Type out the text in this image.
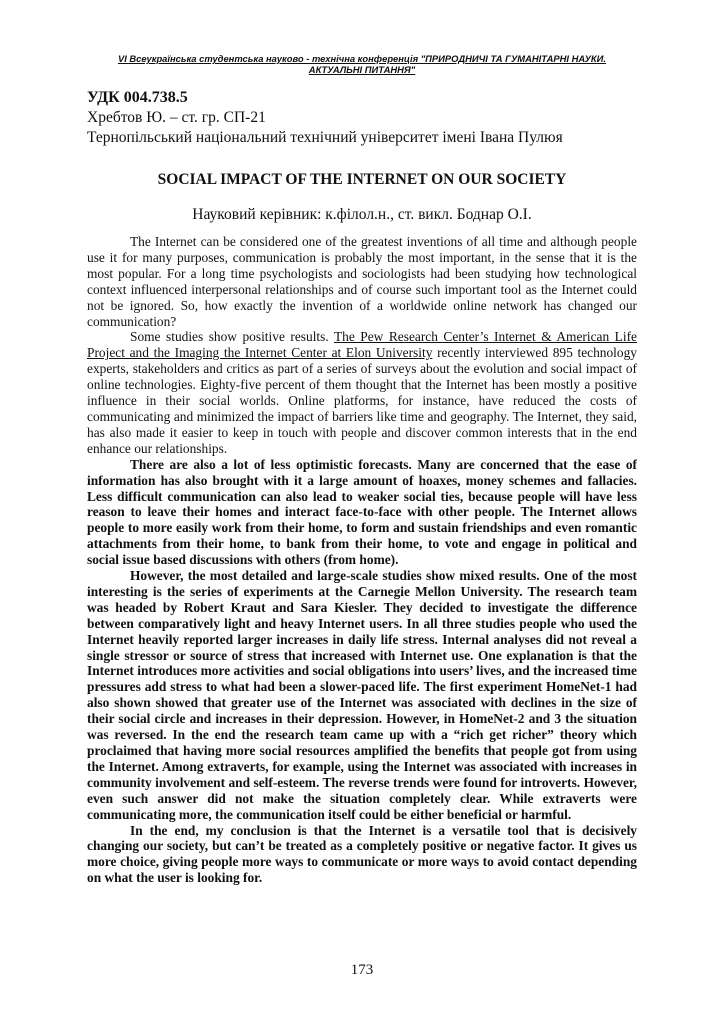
VI Всеукраїнська студентська науково - технічна конференція "ПРИРОДНИЧІ ТА ГУМАНІТАРНІ НАУКИ.
АКТУАЛЬНІ ПИТАННЯ"
УДК 004.738.5
Хребтов Ю. – ст. гр. СП-21
Тернопільський національний технічний університет імені Івана Пулюя
SOCIAL IMPACT OF THE INTERNET ON OUR SOCIETY
Науковий керівник: к.філол.н., ст. викл. Боднар О.І.

The Internet can be considered one of the greatest inventions of all time and although people use it for many purposes, communication is probably the most important, in the sense that it is the most popular. For a long time psychologists and sociologists had been studying how technological context influenced interpersonal relationships and of course such important tool as the Internet could not be ignored. So, how exactly the invention of a worldwide online network has changed our communication?

Some studies show positive results. The Pew Research Center’s Internet & American Life Project and the Imaging the Internet Center at Elon University recently interviewed 895 technology experts, stakeholders and critics as part of a series of surveys about the evolution and social impact of online technologies. Eighty-five percent of them thought that the Internet has been mostly a positive influence in their social worlds. Online platforms, for instance, have reduced the costs of communicating and minimized the impact of barriers like time and geography. The Internet, they said, has also made it easier to keep in touch with people and discover common interests that in the end enhance our relationships.

There are also a lot of less optimistic forecasts. Many are concerned that the ease of information has also brought with it a large amount of hoaxes, money schemes and fallacies. Less difficult communication can also lead to weaker social ties, because people will have less reason to leave their homes and interact face-to-face with other people. The Internet allows people to more easily work from their home, to form and sustain friendships and even romantic attachments from their home, to bank from their home, to vote and engage in political and social issue based discussions with others (from home).

However, the most detailed and large-scale studies show mixed results. One of the most interesting is the series of experiments at the Carnegie Mellon University. The research team was headed by Robert Kraut and Sara Kiesler. They decided to investigate the difference between comparatively light and heavy Internet users. In all three studies people who used the Internet heavily reported larger increases in daily life stress. Internal analyses did not reveal a single stressor or source of stress that increased with Internet use. One explanation is that the Internet introduces more activities and social obligations into users’ lives, and the increased time pressures add stress to what had been a slower-paced life. The first experiment HomeNet-1 had also shown showed that greater use of the Internet was associated with declines in the size of their social circle and increases in their depression. However, in HomeNet-2 and 3 the situation was reversed. In the end the research team came up with a “rich get richer” theory which proclaimed that having more social resources amplified the benefits that people got from using the Internet. Among extraverts, for example, using the Internet was associated with increases in community involvement and self-esteem. The reverse trends were found for introverts. However, even such answer did not make the situation completely clear. While extraverts were communicating more, the communication itself could be either beneficial or harmful.

In the end, my conclusion is that the Internet is a versatile tool that is decisively changing our society, but can’t be treated as a completely positive or negative factor. It gives us more choice, giving people more ways to communicate or more ways to avoid contact depending on what the user is looking for.

173
